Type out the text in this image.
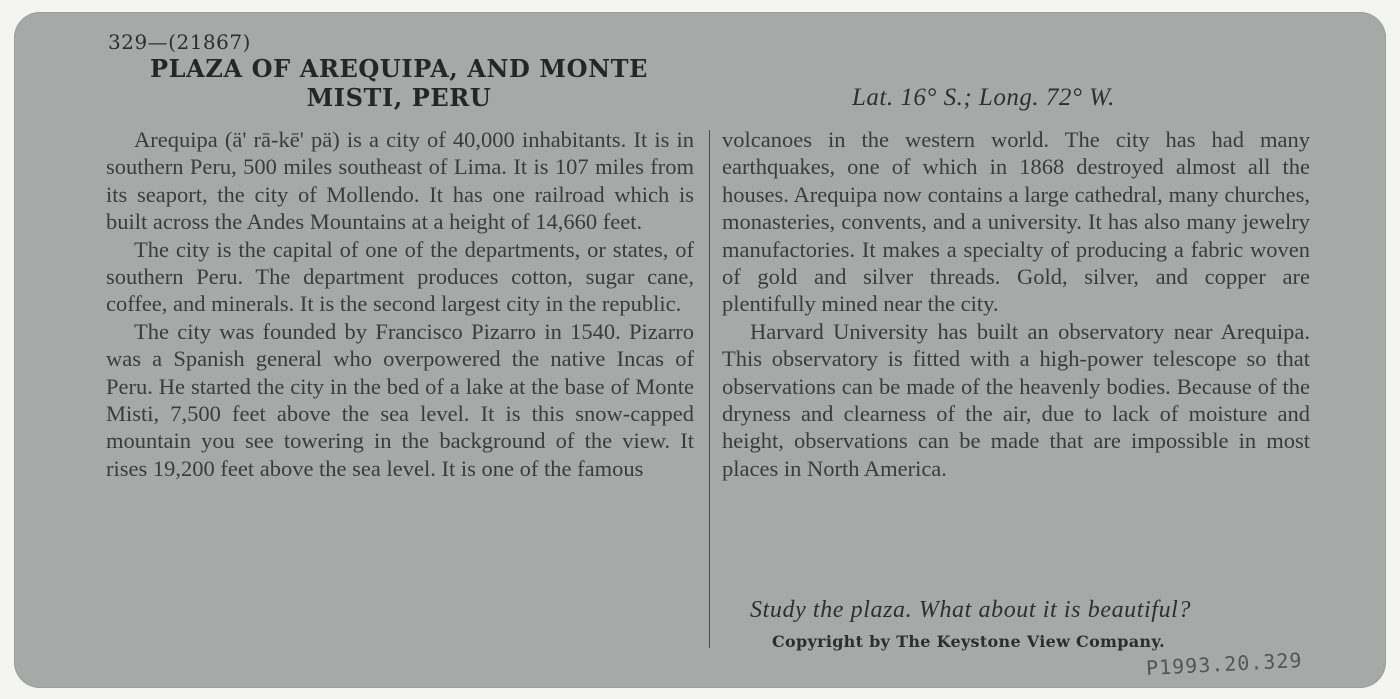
329—(21867)
PLAZA OF AREQUIPA, AND MONTE
MISTI, PERU	Lat. 16° S.; Long. 72° W.

Arequipa (ä' rā-kē' pä) is a city of 40,000 inhabitants. It is in southern Peru, 500 miles southeast of Lima. It is 107 miles from its seaport, the city of Mollendo. It has one railroad which is built across the Andes Mountains at a height of 14,660 feet.

The city is the capital of one of the departments, or states, of southern Peru. The department produces cotton, sugar cane, coffee, and minerals. It is the second largest city in the republic.

The city was founded by Francisco Pizarro in 1540. Pizarro was a Spanish general who overpowered the native Incas of Peru. He started the city in the bed of a lake at the base of Monte Misti, 7,500 feet above the sea level. It is this snow-capped mountain you see towering in the background of the view. It rises 19,200 feet above the sea level. It is one of the famous

volcanoes in the western world. The city has had many earthquakes, one of which in 1868 destroyed almost all the houses. Arequipa now contains a large cathedral, many churches, monasteries, convents, and a university. It has also many jewelry manufactories. It makes a specialty of producing a fabric woven of gold and silver threads. Gold, silver, and copper are plentifully mined near the city.

Harvard University has built an observatory near Arequipa. This observatory is fitted with a high-power telescope so that observations can be made of the heavenly bodies. Because of the dryness and clearness of the air, due to lack of moisture and height, observations can be made that are impossible in most places in North America.

Study the plaza. What about it is beautiful?
Copyright by The Keystone View Company.
P1993.20.329
